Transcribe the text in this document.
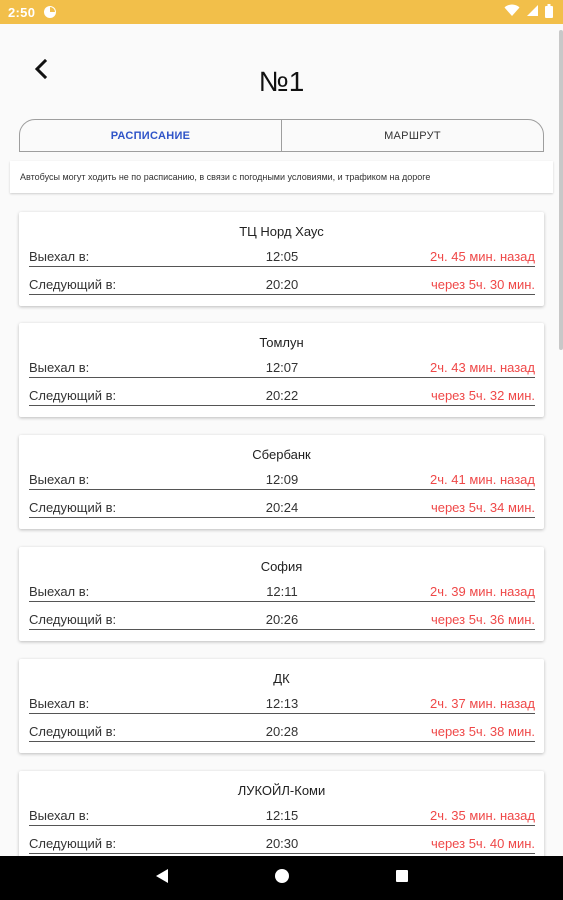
2:50
№1
РАСПИСАНИЕ	МАРШРУТ
Автобусы могут ходить не по расписанию, в связи с погодными условиями, и трафиком на дороге
ТЦ Норд Хаус
Выехал в:	12:05	2ч. 45 мин. назад
Следующий в:	20:20	через 5ч. 30 мин.
Томлун
Выехал в:	12:07	2ч. 43 мин. назад
Следующий в:	20:22	через 5ч. 32 мин.
Сбербанк
Выехал в:	12:09	2ч. 41 мин. назад
Следующий в:	20:24	через 5ч. 34 мин.
София
Выехал в:	12:11	2ч. 39 мин. назад
Следующий в:	20:26	через 5ч. 36 мин.
ДК
Выехал в:	12:13	2ч. 37 мин. назад
Следующий в:	20:28	через 5ч. 38 мин.
ЛУКОЙЛ-Коми
Выехал в:	12:15	2ч. 35 мин. назад
Следующий в:	20:30	через 5ч. 40 мин.
